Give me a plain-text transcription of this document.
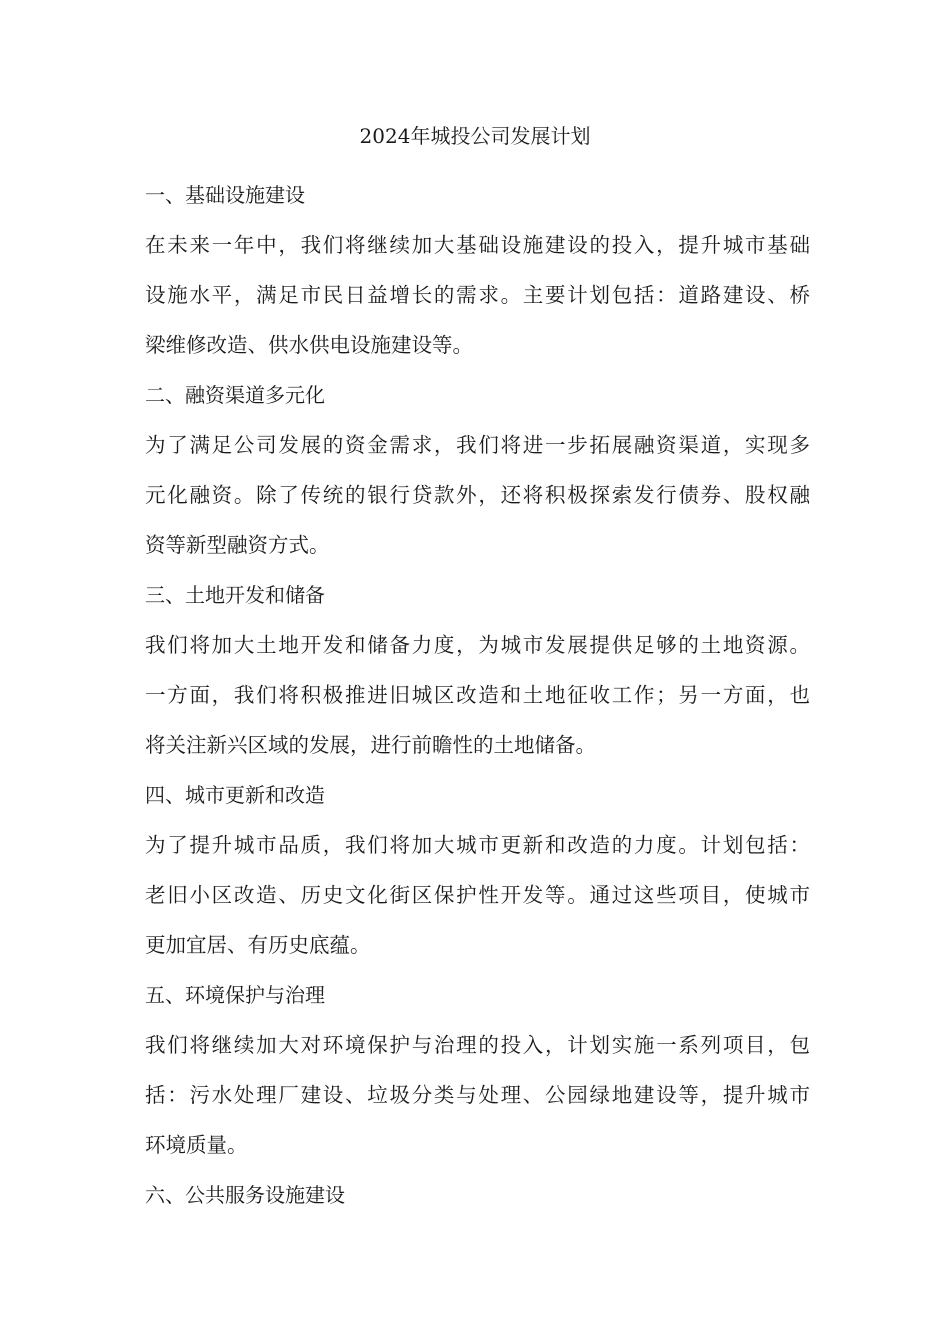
2024年城投公司发展计划
一、基础设施建设

在未来一年中，我们将继续加大基础设施建设的投入，提升城市基础
设施水平，满足市民日益增长的需求。主要计划包括：道路建设、桥
梁维修改造、供水供电设施建设等。

二、融资渠道多元化

为了满足公司发展的资金需求，我们将进一步拓展融资渠道，实现多
元化融资。除了传统的银行贷款外，还将积极探索发行债券、股权融
资等新型融资方式。

三、土地开发和储备

我们将加大土地开发和储备力度，为城市发展提供足够的土地资源。
一方面，我们将积极推进旧城区改造和土地征收工作；另一方面，也
将关注新兴区域的发展，进行前瞻性的土地储备。

四、城市更新和改造

为了提升城市品质，我们将加大城市更新和改造的力度。计划包括：
老旧小区改造、历史文化街区保护性开发等。通过这些项目，使城市
更加宜居、有历史底蕴。

五、环境保护与治理

我们将继续加大对环境保护与治理的投入，计划实施一系列项目，包
括：污水处理厂建设、垃圾分类与处理、公园绿地建设等，提升城市
环境质量。

六、公共服务设施建设
